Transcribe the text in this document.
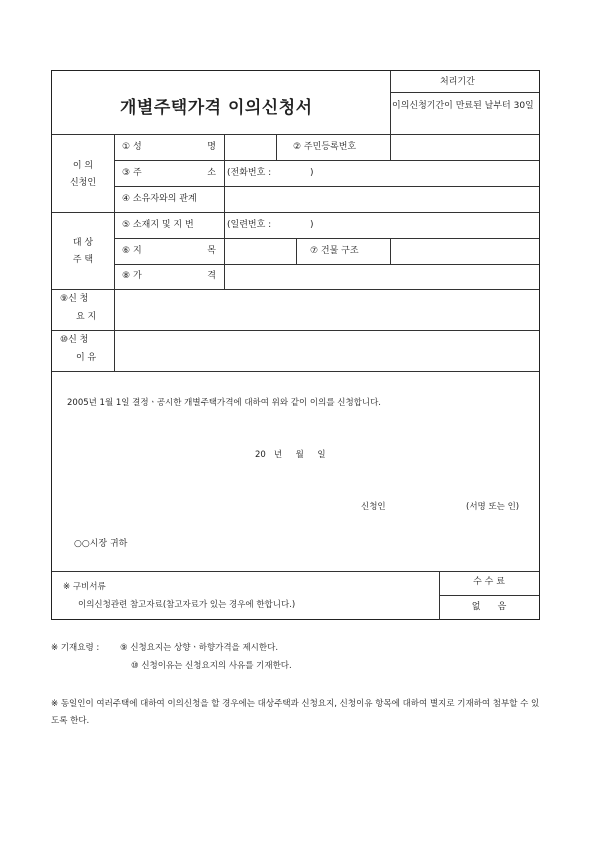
개별주택가격 이의신청서
처리기간
이의신청기간이 만료된 날부터 30일
이 의
신청인
① 성	명	② 주민등록번호
③ 주	소 (전화번호 :	)
④ 소유자와의 관계
대 상
주 택
⑤ 소재지 및 지 번	(일련번호 :	)
⑥ 지	목	⑦ 건물 구조
⑧ 가	격
⑨신 청
요 지
⑩신 청
이 유
2005년 1월 1일 결정ㆍ공시한 개별주택가격에 대하여 위와 같이 이의를 신청합니다.
20   년     월     일
신청인	(서명 또는 인)
○○시장 귀하
※ 구비서류
이의신청관련 참고자료(참고자료가 있는 경우에 한합니다.)
수 수 료
없      음
※ 기재요령 : ⑨ 신청요지는 상향ㆍ하향가격을 제시한다.
⑩ 신청이유는 신청요지의 사유를 기재한다.
※ 동일인이 여러주택에 대하여 이의신청을 할 경우에는 대상주택과 신청요지, 신청이유 항목에 대하여 별지로 기재하여 첨부할 수 있도록 한다.
